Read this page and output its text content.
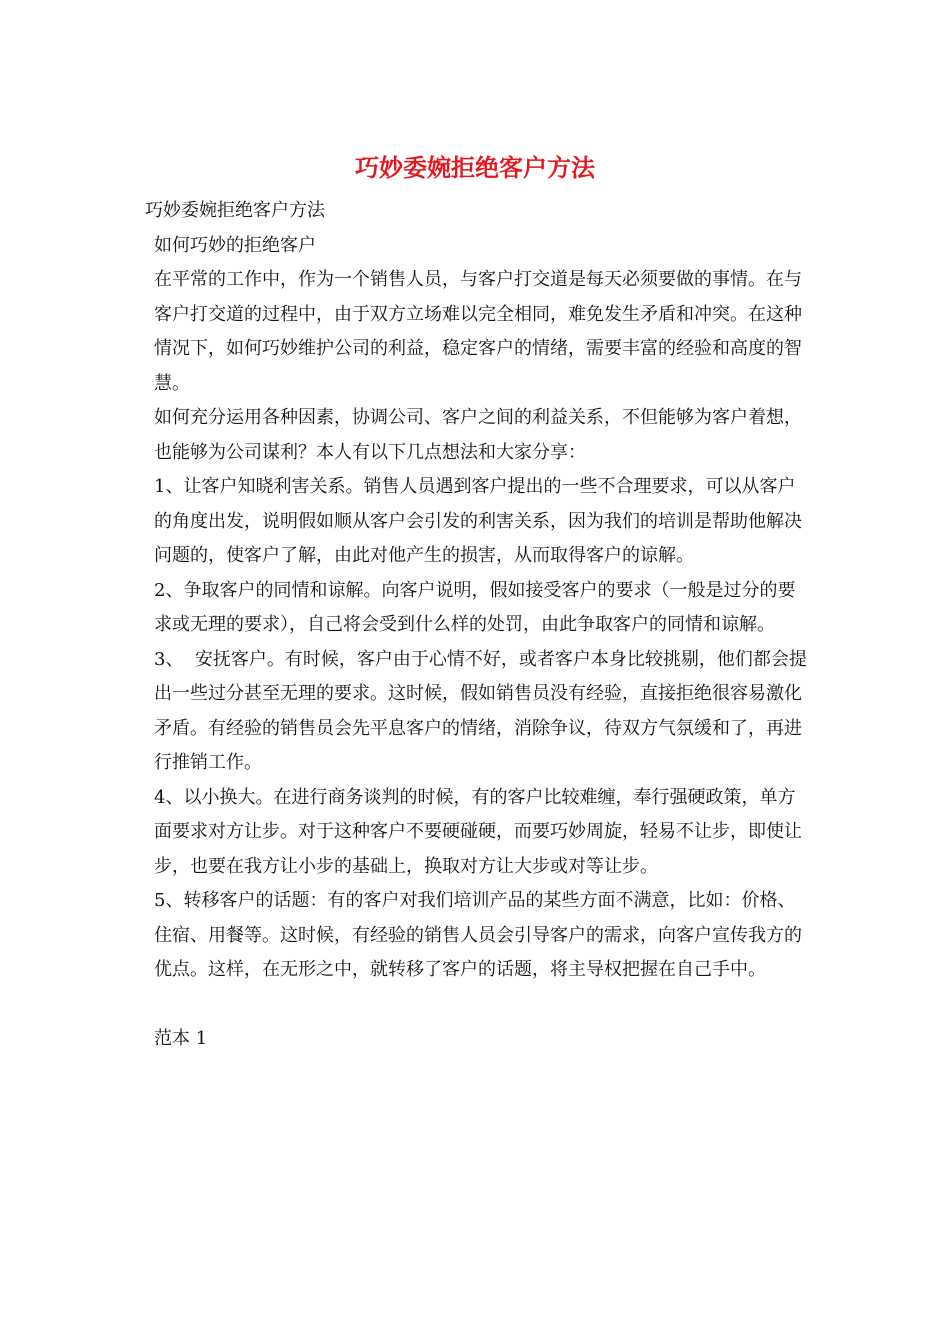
巧妙委婉拒绝客户方法

巧妙委婉拒绝客户方法

如何巧妙的拒绝客户

在平常的工作中，作为一个销售人员，与客户打交道是每天必须要做的事情。在与客户打交道的过程中，由于双方立场难以完全相同，难免发生矛盾和冲突。在这种情况下，如何巧妙维护公司的利益，稳定客户的情绪，需要丰富的经验和高度的智慧。

如何充分运用各种因素，协调公司、客户之间的利益关系，不但能够为客户着想，也能够为公司谋利？本人有以下几点想法和大家分享：

1、让客户知晓利害关系。销售人员遇到客户提出的一些不合理要求，可以从客户的角度出发，说明假如顺从客户会引发的利害关系，因为我们的培训是帮助他解决问题的，使客户了解，由此对他产生的损害，从而取得客户的谅解。

2、争取客户的同情和谅解。向客户说明，假如接受客户的要求（一般是过分的要求或无理的要求），自己将会受到什么样的处罚，由此争取客户的同情和谅解。

3、  安抚客户。有时候，客户由于心情不好，或者客户本身比较挑剔，他们都会提出一些过分甚至无理的要求。这时候，假如销售员没有经验，直接拒绝很容易激化矛盾。有经验的销售员会先平息客户的情绪，消除争议，待双方气氛缓和了，再进行推销工作。

4、以小换大。在进行商务谈判的时候，有的客户比较难缠，奉行强硬政策，单方面要求对方让步。对于这种客户不要硬碰硬，而要巧妙周旋，轻易不让步，即使让步，也要在我方让小步的基础上，换取对方让大步或对等让步。

5、转移客户的话题：有的客户对我们培训产品的某些方面不满意，比如：价格、住宿、用餐等。这时候，有经验的销售人员会引导客户的需求，向客户宣传我方的优点。这样，在无形之中，就转移了客户的话题，将主导权把握在自己手中。

范本 1
